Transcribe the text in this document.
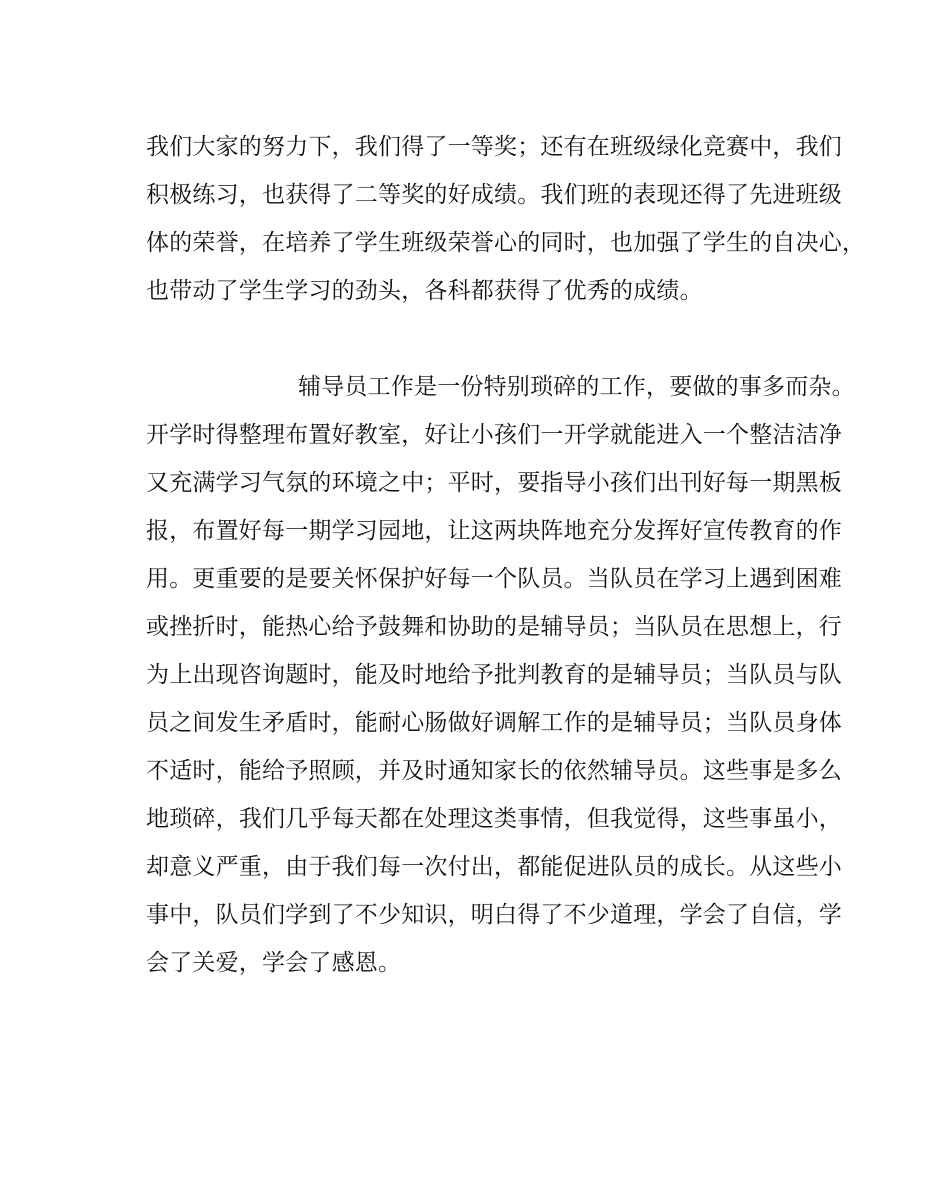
我们大家的努力下，我们得了一等奖；还有在班级绿化竞赛中，我们
积极练习，也获得了二等奖的好成绩。我们班的表现还得了先进班级
体的荣誉，在培养了学生班级荣誉心的同时，也加强了学生的自决心，
也带动了学生学习的劲头，各科都获得了优秀的成绩。
辅导员工作是一份特别琐碎的工作，要做的事多而杂。
开学时得整理布置好教室，好让小孩们一开学就能进入一个整洁洁净
又充满学习气氛的环境之中；平时，要指导小孩们出刊好每一期黑板
报，布置好每一期学习园地，让这两块阵地充分发挥好宣传教育的作
用。更重要的是要关怀保护好每一个队员。当队员在学习上遇到困难
或挫折时，能热心给予鼓舞和协助的是辅导员；当队员在思想上，行
为上出现咨询题时，能及时地给予批判教育的是辅导员；当队员与队
员之间发生矛盾时，能耐心肠做好调解工作的是辅导员；当队员身体
不适时，能给予照顾，并及时通知家长的依然辅导员。这些事是多么
地琐碎，我们几乎每天都在处理这类事情，但我觉得，这些事虽小，
却意义严重，由于我们每一次付出，都能促进队员的成长。从这些小
事中，队员们学到了不少知识，明白得了不少道理，学会了自信，学
会了关爱，学会了感恩。
